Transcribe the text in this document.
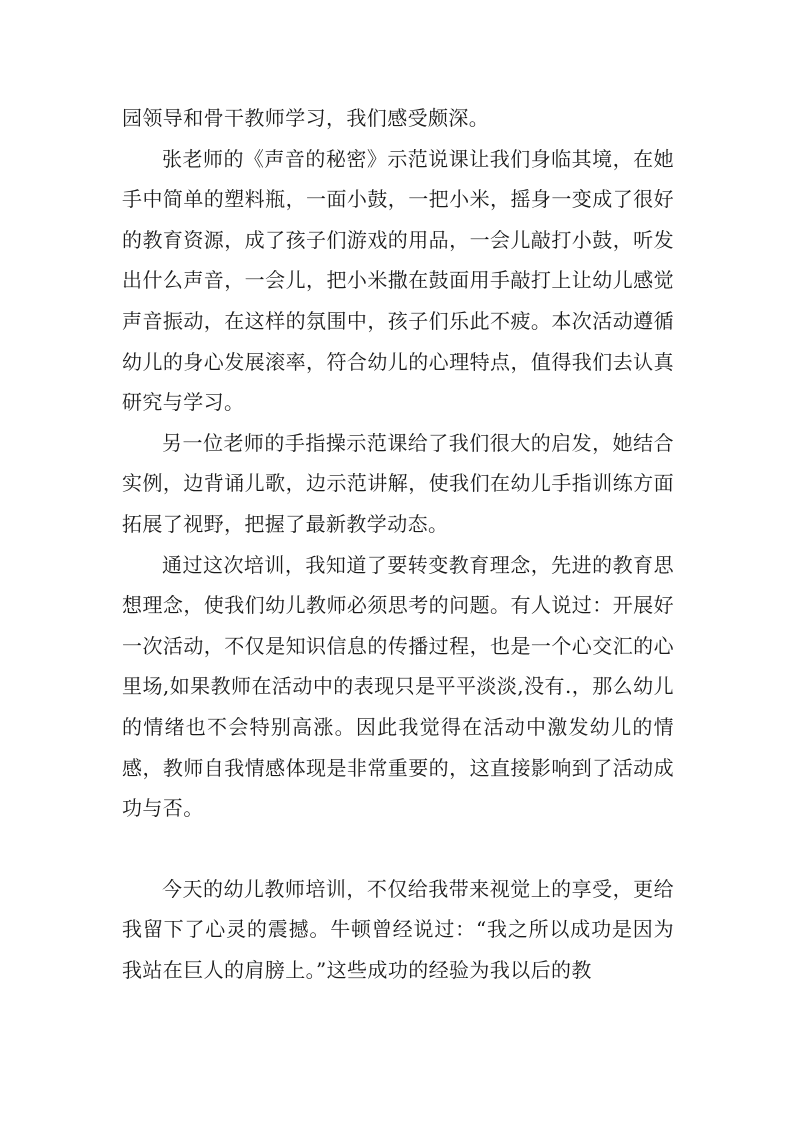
园领导和骨干教师学习，我们感受颇深。

张老师的《声音的秘密》示范说课让我们身临其境，在她手中简单的塑料瓶，一面小鼓，一把小米，摇身一变成了很好的教育资源，成了孩子们游戏的用品，一会儿敲打小鼓，听发出什么声音，一会儿，把小米撒在鼓面用手敲打上让幼儿感觉声音振动，在这样的氛围中，孩子们乐此不疲。本次活动遵循幼儿的身心发展滚率，符合幼儿的心理特点，值得我们去认真研究与学习。

另一位老师的手指操示范课给了我们很大的启发，她结合实例，边背诵儿歌，边示范讲解，使我们在幼儿手指训练方面拓展了视野，把握了最新教学动态。

通过这次培训，我知道了要转变教育理念，先进的教育思想理念，使我们幼儿教师必须思考的问题。有人说过：开展好一次活动，不仅是知识信息的传播过程，也是一个心交汇的心里场,如果教师在活动中的表现只是平平淡淡,没有.，那么幼儿的情绪也不会特别高涨。因此我觉得在活动中激发幼儿的情感，教师自我情感体现是非常重要的，这直接影响到了活动成功与否。

今天的幼儿教师培训，不仅给我带来视觉上的享受，更给我留下了心灵的震撼。牛顿曾经说过：“我之所以成功是因为我站在巨人的肩膀上。”这些成功的经验为我以后的教
